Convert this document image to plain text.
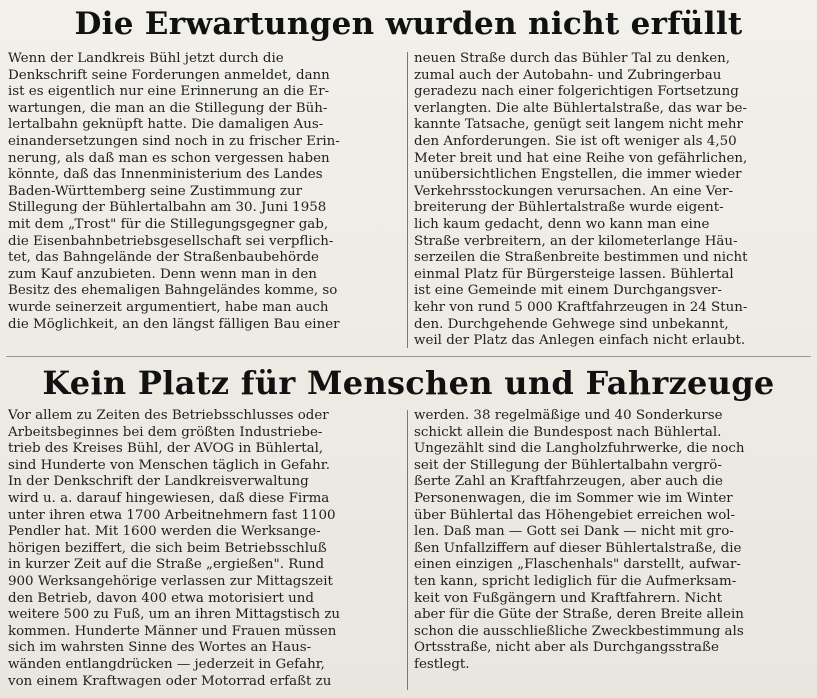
Die Erwartungen wurden nicht erfüllt
Wenn der Landkreis Bühl jetzt durch die
Denkschrift seine Forderungen anmeldet, dann
ist es eigentlich nur eine Erinnerung an die Er-
wartungen, die man an die Stillegung der Büh-
lertalbahn geknüpft hatte. Die damaligen Aus-
einandersetzungen sind noch in zu frischer Erin-
nerung, als daß man es schon vergessen haben
könnte, daß das Innenministerium des Landes
Baden-Württemberg seine Zustimmung zur
Stillegung der Bühlertalbahn am 30. Juni 1958
mit dem „Trost" für die Stillegungsgegner gab,
die Eisenbahnbetriebsgesellschaft sei verpflich-
tet, das Bahngelände der Straßenbaubehörde
zum Kauf anzubieten. Denn wenn man in den
Besitz des ehemaligen Bahngeländes komme, so
wurde seinerzeit argumentiert, habe man auch
die Möglichkeit, an den längst fälligen Bau einer
neuen Straße durch das Bühler Tal zu denken,
zumal auch der Autobahn- und Zubringerbau
geradezu nach einer folgerichtigen Fortsetzung
verlangten. Die alte Bühlertalstraße, das war be-
kannte Tatsache, genügt seit langem nicht mehr
den Anforderungen. Sie ist oft weniger als 4,50
Meter breit und hat eine Reihe von gefährlichen,
unübersichtlichen Engstellen, die immer wieder
Verkehrsstockungen verursachen. An eine Ver-
breiterung der Bühlertalstraße wurde eigent-
lich kaum gedacht, denn wo kann man eine
Straße verbreitern, an der kilometerlange Häu-
serzeilen die Straßenbreite bestimmen und nicht
einmal Platz für Bürgersteige lassen. Bühlertal
ist eine Gemeinde mit einem Durchgangsver-
kehr von rund 5 000 Kraftfahrzeugen in 24 Stun-
den. Durchgehende Gehwege sind unbekannt,
weil der Platz das Anlegen einfach nicht erlaubt.
Kein Platz für Menschen und Fahrzeuge
Vor allem zu Zeiten des Betriebsschlusses oder
Arbeitsbeginnes bei dem größten Industriebe-
trieb des Kreises Bühl, der AVOG in Bühlertal,
sind Hunderte von Menschen täglich in Gefahr.
In der Denkschrift der Landkreisverwaltung
wird u. a. darauf hingewiesen, daß diese Firma
unter ihren etwa 1700 Arbeitnehmern fast 1100
Pendler hat. Mit 1600 werden die Werksange-
hörigen beziffert, die sich beim Betriebsschluß
in kurzer Zeit auf die Straße „ergießen". Rund
900 Werksangehörige verlassen zur Mittagszeit
den Betrieb, davon 400 etwa motorisiert und
weitere 500 zu Fuß, um an ihren Mittagstisch zu
kommen. Hunderte Männer und Frauen müssen
sich im wahrsten Sinne des Wortes an Haus-
wänden entlangdrücken — jederzeit in Gefahr,
von einem Kraftwagen oder Motorrad erfaßt zu
werden. 38 regelmäßige und 40 Sonderkurse
schickt allein die Bundespost nach Bühlertal.
Ungezählt sind die Langholzfuhrwerke, die noch
seit der Stillegung der Bühlertalbahn vergrö-
ßerte Zahl an Kraftfahrzeugen, aber auch die
Personenwagen, die im Sommer wie im Winter
über Bühlertal das Höhengebiet erreichen wol-
len. Daß man — Gott sei Dank — nicht mit gro-
ßen Unfallziffern auf dieser Bühlertalstraße, die
einen einzigen „Flaschenhals" darstellt, aufwar-
ten kann, spricht lediglich für die Aufmerksam-
keit von Fußgängern und Kraftfahrern. Nicht
aber für die Güte der Straße, deren Breite allein
schon die ausschließliche Zweckbestimmung als
Ortsstraße, nicht aber als Durchgangsstraße
festlegt.
